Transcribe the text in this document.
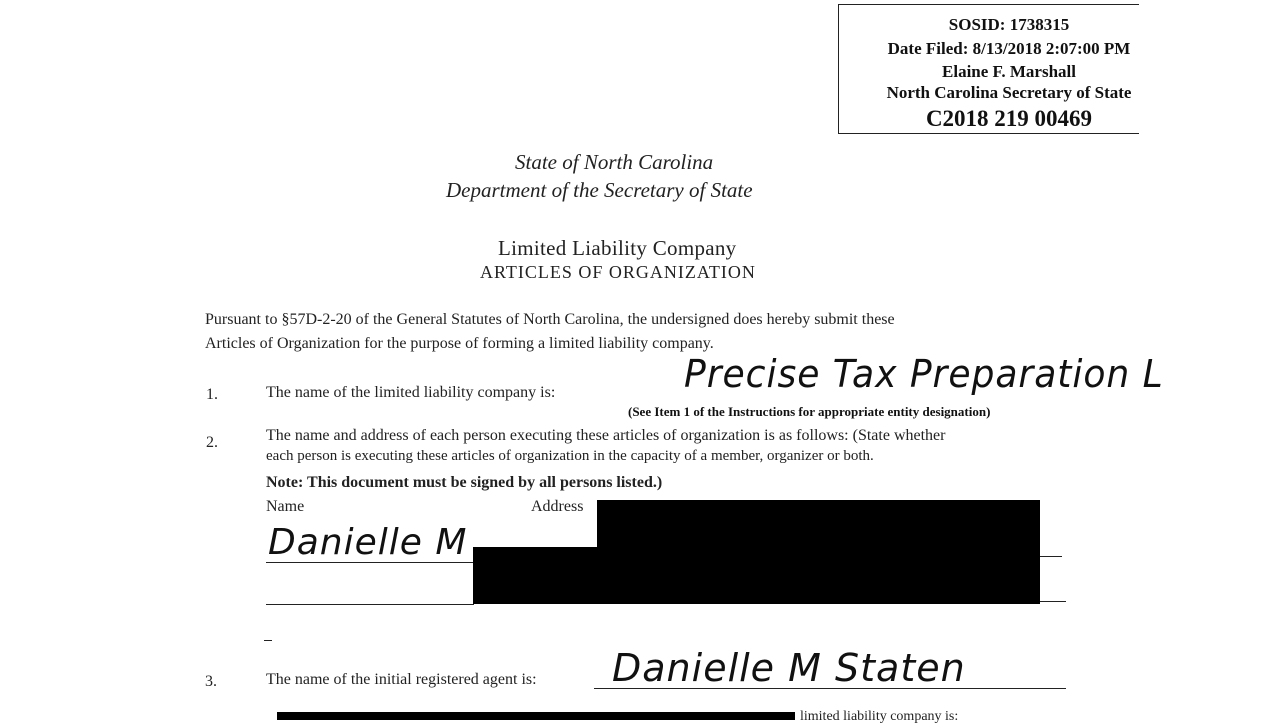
SOSID: 1738315
Date Filed: 8/13/2018 2:07:00 PM
Elaine F. Marshall
North Carolina Secretary of State
C2018 219 00469
State of North Carolina
Department of the Secretary of State
Limited Liability Company
ARTICLES OF ORGANIZATION
Pursuant to §57D-2-20 of the General Statutes of North Carolina, the undersigned does hereby submit these
Articles of Organization for the purpose of forming a limited liability company.
1.	The name of the limited liability company is:	Precise Tax Preparation L
(See Item 1 of the Instructions for appropriate entity designation)
2.	The name and address of each person executing these articles of organization is as follows: (State whether
each person is executing these articles of organization in the capacity of a member, organizer or both.
Note: This document must be signed by all persons listed.)
Name	Address
Danielle M
3.	The name of the initial registered agent is: Danielle M Staten
limited liability company is:
